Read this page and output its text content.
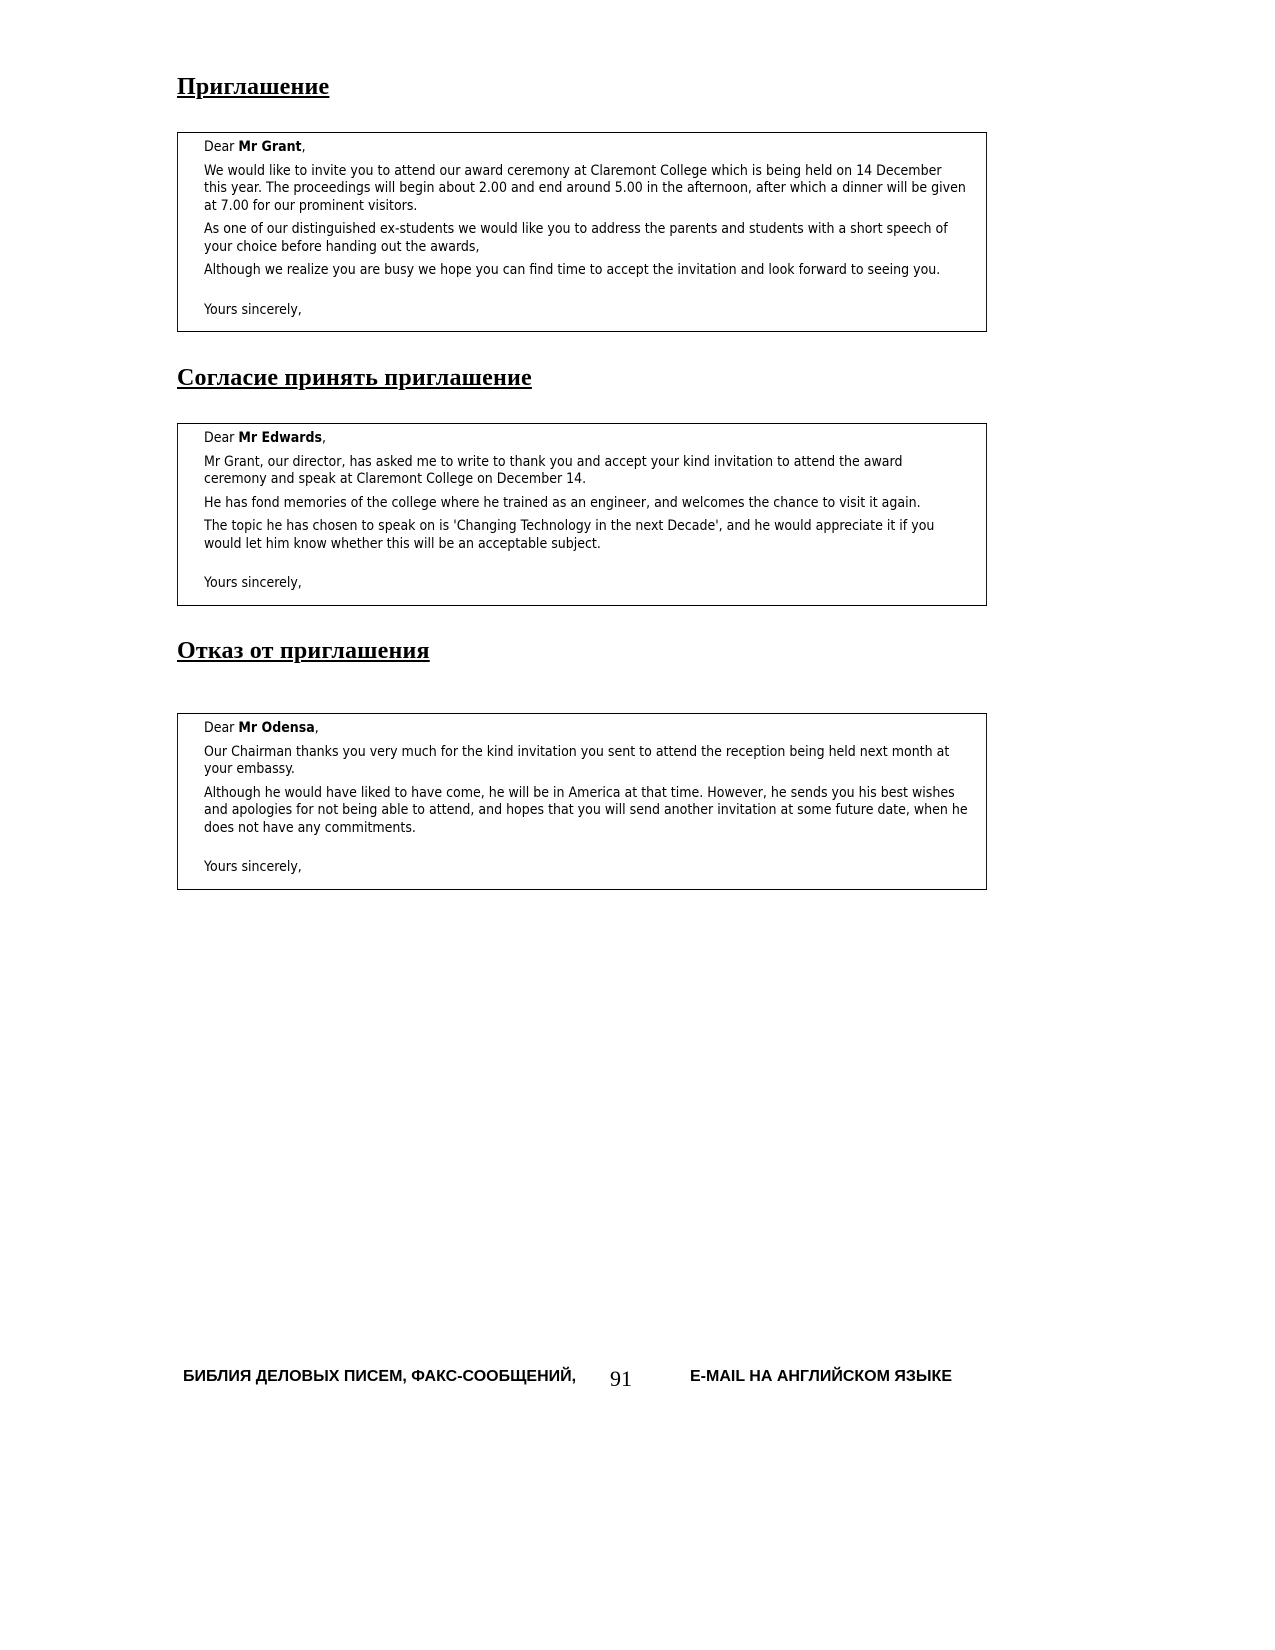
Приглашение

Dear Mr Grant,

We would like to invite you to attend our award ceremony at Claremont College which is being held on 14 December this year. The proceedings will begin about 2.00 and end around 5.00 in the afternoon, after which a dinner will be given at 7.00 for our prominent visitors.

As one of our distinguished ex-students we would like you to address the parents and students with a short speech of your choice before handing out the awards,

Although we realize you are busy we hope you can find time to accept the invitation and look forward to seeing you.

Yours sincerely,

Согласие принять приглашение

Dear Mr Edwards,

Mr Grant, our director, has asked me to write to thank you and accept your kind invitation to attend the award ceremony and speak at Claremont College on December 14.

He has fond memories of the college where he trained as an engineer, and welcomes the chance to visit it again.

The topic he has chosen to speak on is 'Changing Technology in the next Decade', and he would appreciate it if you would let him know whether this will be an acceptable subject.

Yours sincerely,

Отказ от приглашения

Dear Mr Odensa,

Our Chairman thanks you very much for the kind invitation you sent to attend the reception being held next month at your embassy.

Although he would have liked to have come, he will be in America at that time. However, he sends you his best wishes and apologies for not being able to attend, and hopes that you will send another invitation at some future date, when he does not have any commitments.

Yours sincerely,

БИБЛИЯ ДЕЛОВЫХ ПИСЕМ, ФАКС-СООБЩЕНИЙ, 91	E-MAIL НА АНГЛИЙСКОМ ЯЗЫКЕ
